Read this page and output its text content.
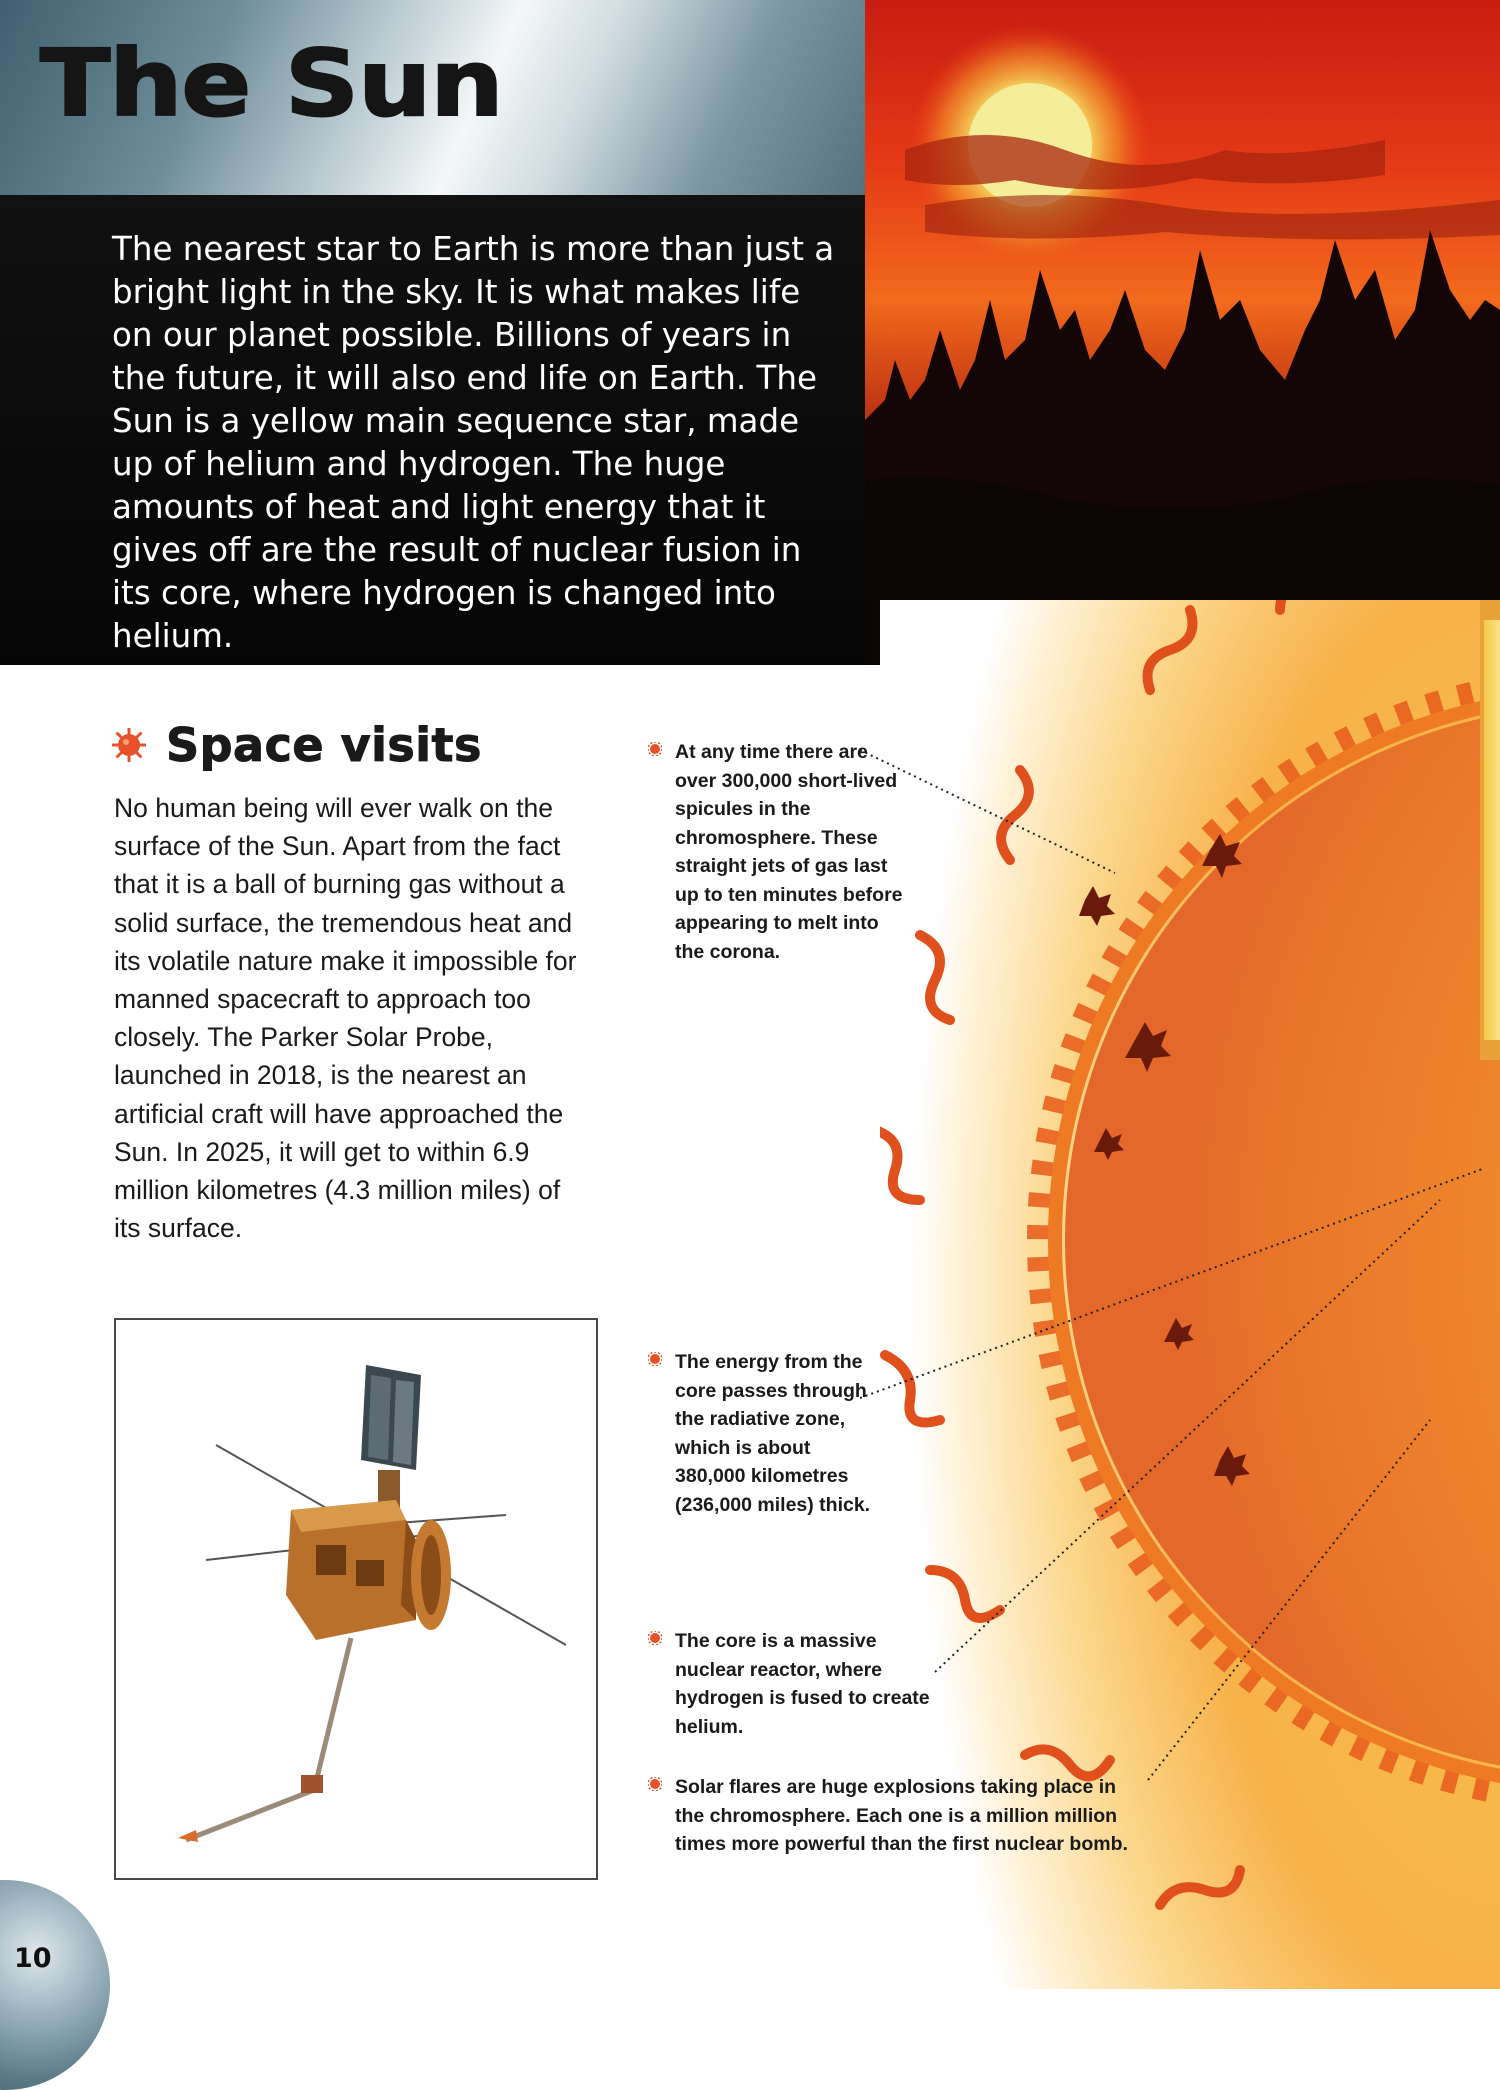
The Sun

The nearest star to Earth is more than just a bright light in the sky. It is what makes life on our planet possible. Billions of years in the future, it will also end life on Earth. The Sun is a yellow main sequence star, made up of helium and hydrogen. The huge amounts of heat and light energy that it gives off are the result of nuclear fusion in its core, where hydrogen is changed into helium.

Space visits

No human being will ever walk on the surface of the Sun. Apart from the fact that it is a ball of burning gas without a solid surface, the tremendous heat and its volatile nature make it impossible for manned spacecraft to approach too closely. The Parker Solar Probe, launched in 2018, is the nearest an artificial craft will have approached the Sun. In 2025, it will get to within 6.9 million kilometres (4.3 million miles) of its surface.

At any time there are over 300,000 short-lived spicules in the chromosphere. These straight jets of gas last up to ten minutes before appearing to melt into the corona.

The energy from the core passes through the radiative zone, which is about 380,000 kilometres (236,000 miles) thick.

The core is a massive nuclear reactor, where hydrogen is fused to create helium.

Solar flares are huge explosions taking place in the chromosphere. Each one is a million million times more powerful than the first nuclear bomb.

10
